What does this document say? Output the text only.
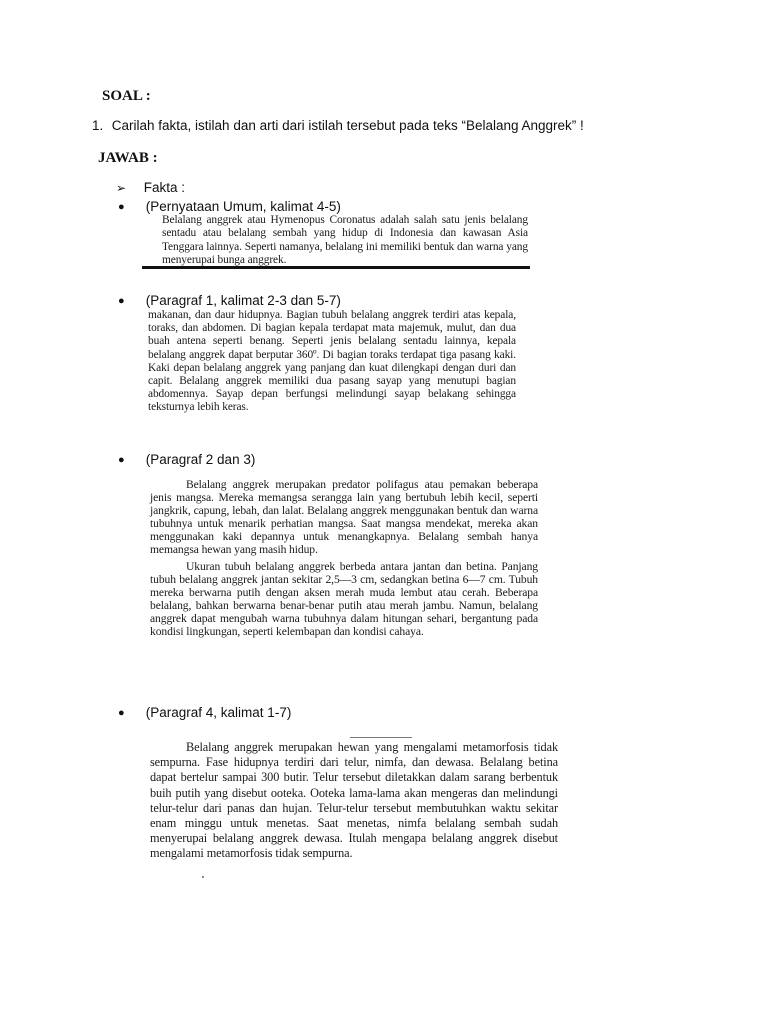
SOAL :
1. Carilah fakta, istilah dan arti dari istilah tersebut pada teks “Belalang Anggrek” !
JAWAB :
➢ Fakta :
● (Pernyataan Umum, kalimat 4-5)

Belalang anggrek atau Hymenopus Coronatus adalah salah satu jenis belalang sentadu atau belalang sembah yang hidup di Indonesia dan kawasan Asia Tenggara lainnya. Seperti namanya, belalang ini memiliki bentuk dan warna yang menyerupai bunga anggrek.

● (Paragraf 1, kalimat 2-3 dan 5-7)

makanan, dan daur hidupnya. Bagian tubuh belalang anggrek terdiri atas kepala, toraks, dan abdomen. Di bagian kepala terdapat mata majemuk, mulut, dan dua buah antena seperti benang. Seperti jenis belalang sentadu lainnya, kepala belalang anggrek dapat berputar 360º. Di bagian toraks terdapat tiga pasang kaki. Kaki depan belalang anggrek yang panjang dan kuat dilengkapi dengan duri dan capit. Belalang anggrek memiliki dua pasang sayap yang menutupi bagian abdomennya. Sayap depan berfungsi melindungi sayap belakang sehingga teksturnya lebih keras.

● (Paragraf 2 dan 3)

Belalang anggrek merupakan predator polifagus atau pemakan beberapa jenis mangsa. Mereka memangsa serangga lain yang bertubuh lebih kecil, seperti jangkrik, capung, lebah, dan lalat. Belalang anggrek menggunakan bentuk dan warna tubuhnya untuk menarik perhatian mangsa. Saat mangsa mendekat, mereka akan menggunakan kaki depannya untuk menangkapnya. Belalang sembah hanya memangsa hewan yang masih hidup.

Ukuran tubuh belalang anggrek berbeda antara jantan dan betina. Panjang tubuh belalang anggrek jantan sekitar 2,5—3 cm, sedangkan betina 6—7 cm. Tubuh mereka berwarna putih dengan aksen merah muda lembut atau cerah. Beberapa belalang, bahkan berwarna benar-benar putih atau merah jambu. Namun, belalang anggrek dapat mengubah warna tubuhnya dalam hitungan sehari, bergantung pada kondisi lingkungan, seperti kelembapan dan kondisi cahaya.

● (Paragraf 4, kalimat 1-7)

Belalang anggrek merupakan hewan yang mengalami metamorfosis tidak sempurna. Fase hidupnya terdiri dari telur, nimfa, dan dewasa. Belalang betina dapat bertelur sampai 300 butir. Telur tersebut diletakkan dalam sarang berbentuk buih putih yang disebut ooteka. Ooteka lama-lama akan mengeras dan melindungi telur-telur dari panas dan hujan. Telur-telur tersebut membutuhkan waktu sekitar enam minggu untuk menetas. Saat menetas, nimfa belalang sembah sudah menyerupai belalang anggrek dewasa. Itulah mengapa belalang anggrek disebut mengalami metamorfosis tidak sempurna.
